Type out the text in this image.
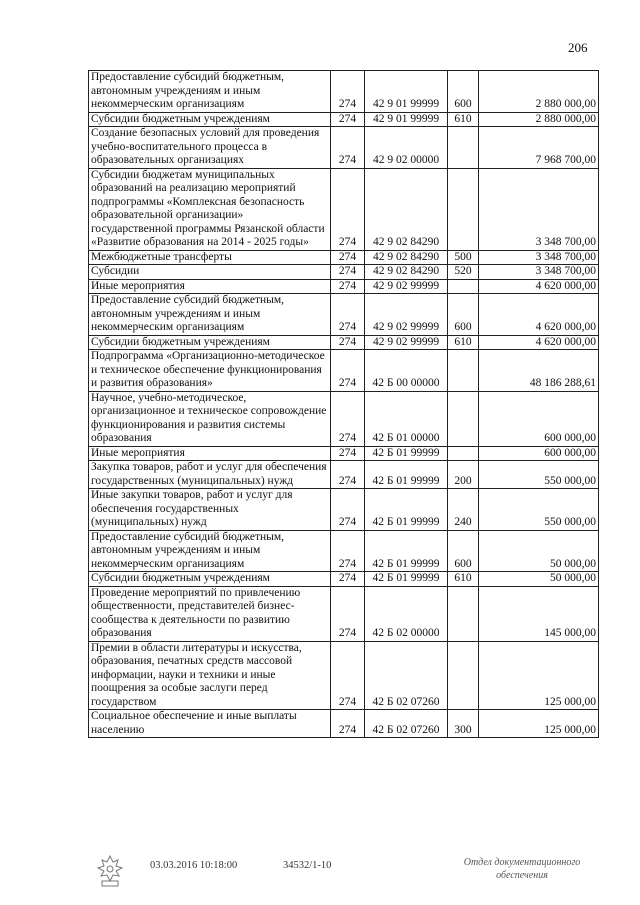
206
Предоставление субсидий бюджетным, автономным учреждениям и иным некоммерческим организациям	274	42 9 01 99999	600	2 880 000,00
Субсидии бюджетным учреждениям	274	42 9 01 99999	610	2 880 000,00
Создание безопасных условий для проведения учебно-воспитательного процесса в образовательных организациях	274	42 9 02 00000		7 968 700,00
Субсидии бюджетам муниципальных образований на реализацию мероприятий подпрограммы «Комплексная безопасность образовательной организации» государственной программы Рязанской области «Развитие образования на 2014 - 2025 годы»	274	42 9 02 84290		3 348 700,00
Межбюджетные трансферты	274	42 9 02 84290	500	3 348 700,00
Субсидии	274	42 9 02 84290	520	3 348 700,00
Иные мероприятия	274	42 9 02 99999		4 620 000,00
Предоставление субсидий бюджетным, автономным учреждениям и иным некоммерческим организациям	274	42 9 02 99999	600	4 620 000,00
Субсидии бюджетным учреждениям	274	42 9 02 99999	610	4 620 000,00
Подпрограмма «Организационно-методическое и техническое обеспечение функционирования и развития образования»	274	42 Б 00 00000		48 186 288,61
Научное, учебно-методическое, организационное и техническое сопровождение функционирования и развития системы образования	274	42 Б 01 00000		600 000,00
Иные мероприятия	274	42 Б 01 99999		600 000,00
Закупка товаров, работ и услуг для обеспечения государственных (муниципальных) нужд	274	42 Б 01 99999	200	550 000,00
Иные закупки товаров, работ и услуг для обеспечения государственных (муниципальных) нужд	274	42 Б 01 99999	240	550 000,00
Предоставление субсидий бюджетным, автономным учреждениям и иным некоммерческим организациям	274	42 Б 01 99999	600	50 000,00
Субсидии бюджетным учреждениям	274	42 Б 01 99999	610	50 000,00
Проведение мероприятий по привлечению общественности, представителей бизнес-сообщества к деятельности по развитию образования	274	42 Б 02 00000		145 000,00
Премии в области литературы и искусства, образования, печатных средств массовой информации, науки и техники и иные поощрения за особые заслуги перед государством	274	42 Б 02 07260		125 000,00
Социальное обеспечение и иные выплаты населению	274	42 Б 02 07260	300	125 000,00
03.03.2016 10:18:00	34532/1-10	Отдел документационного
обеспечения
